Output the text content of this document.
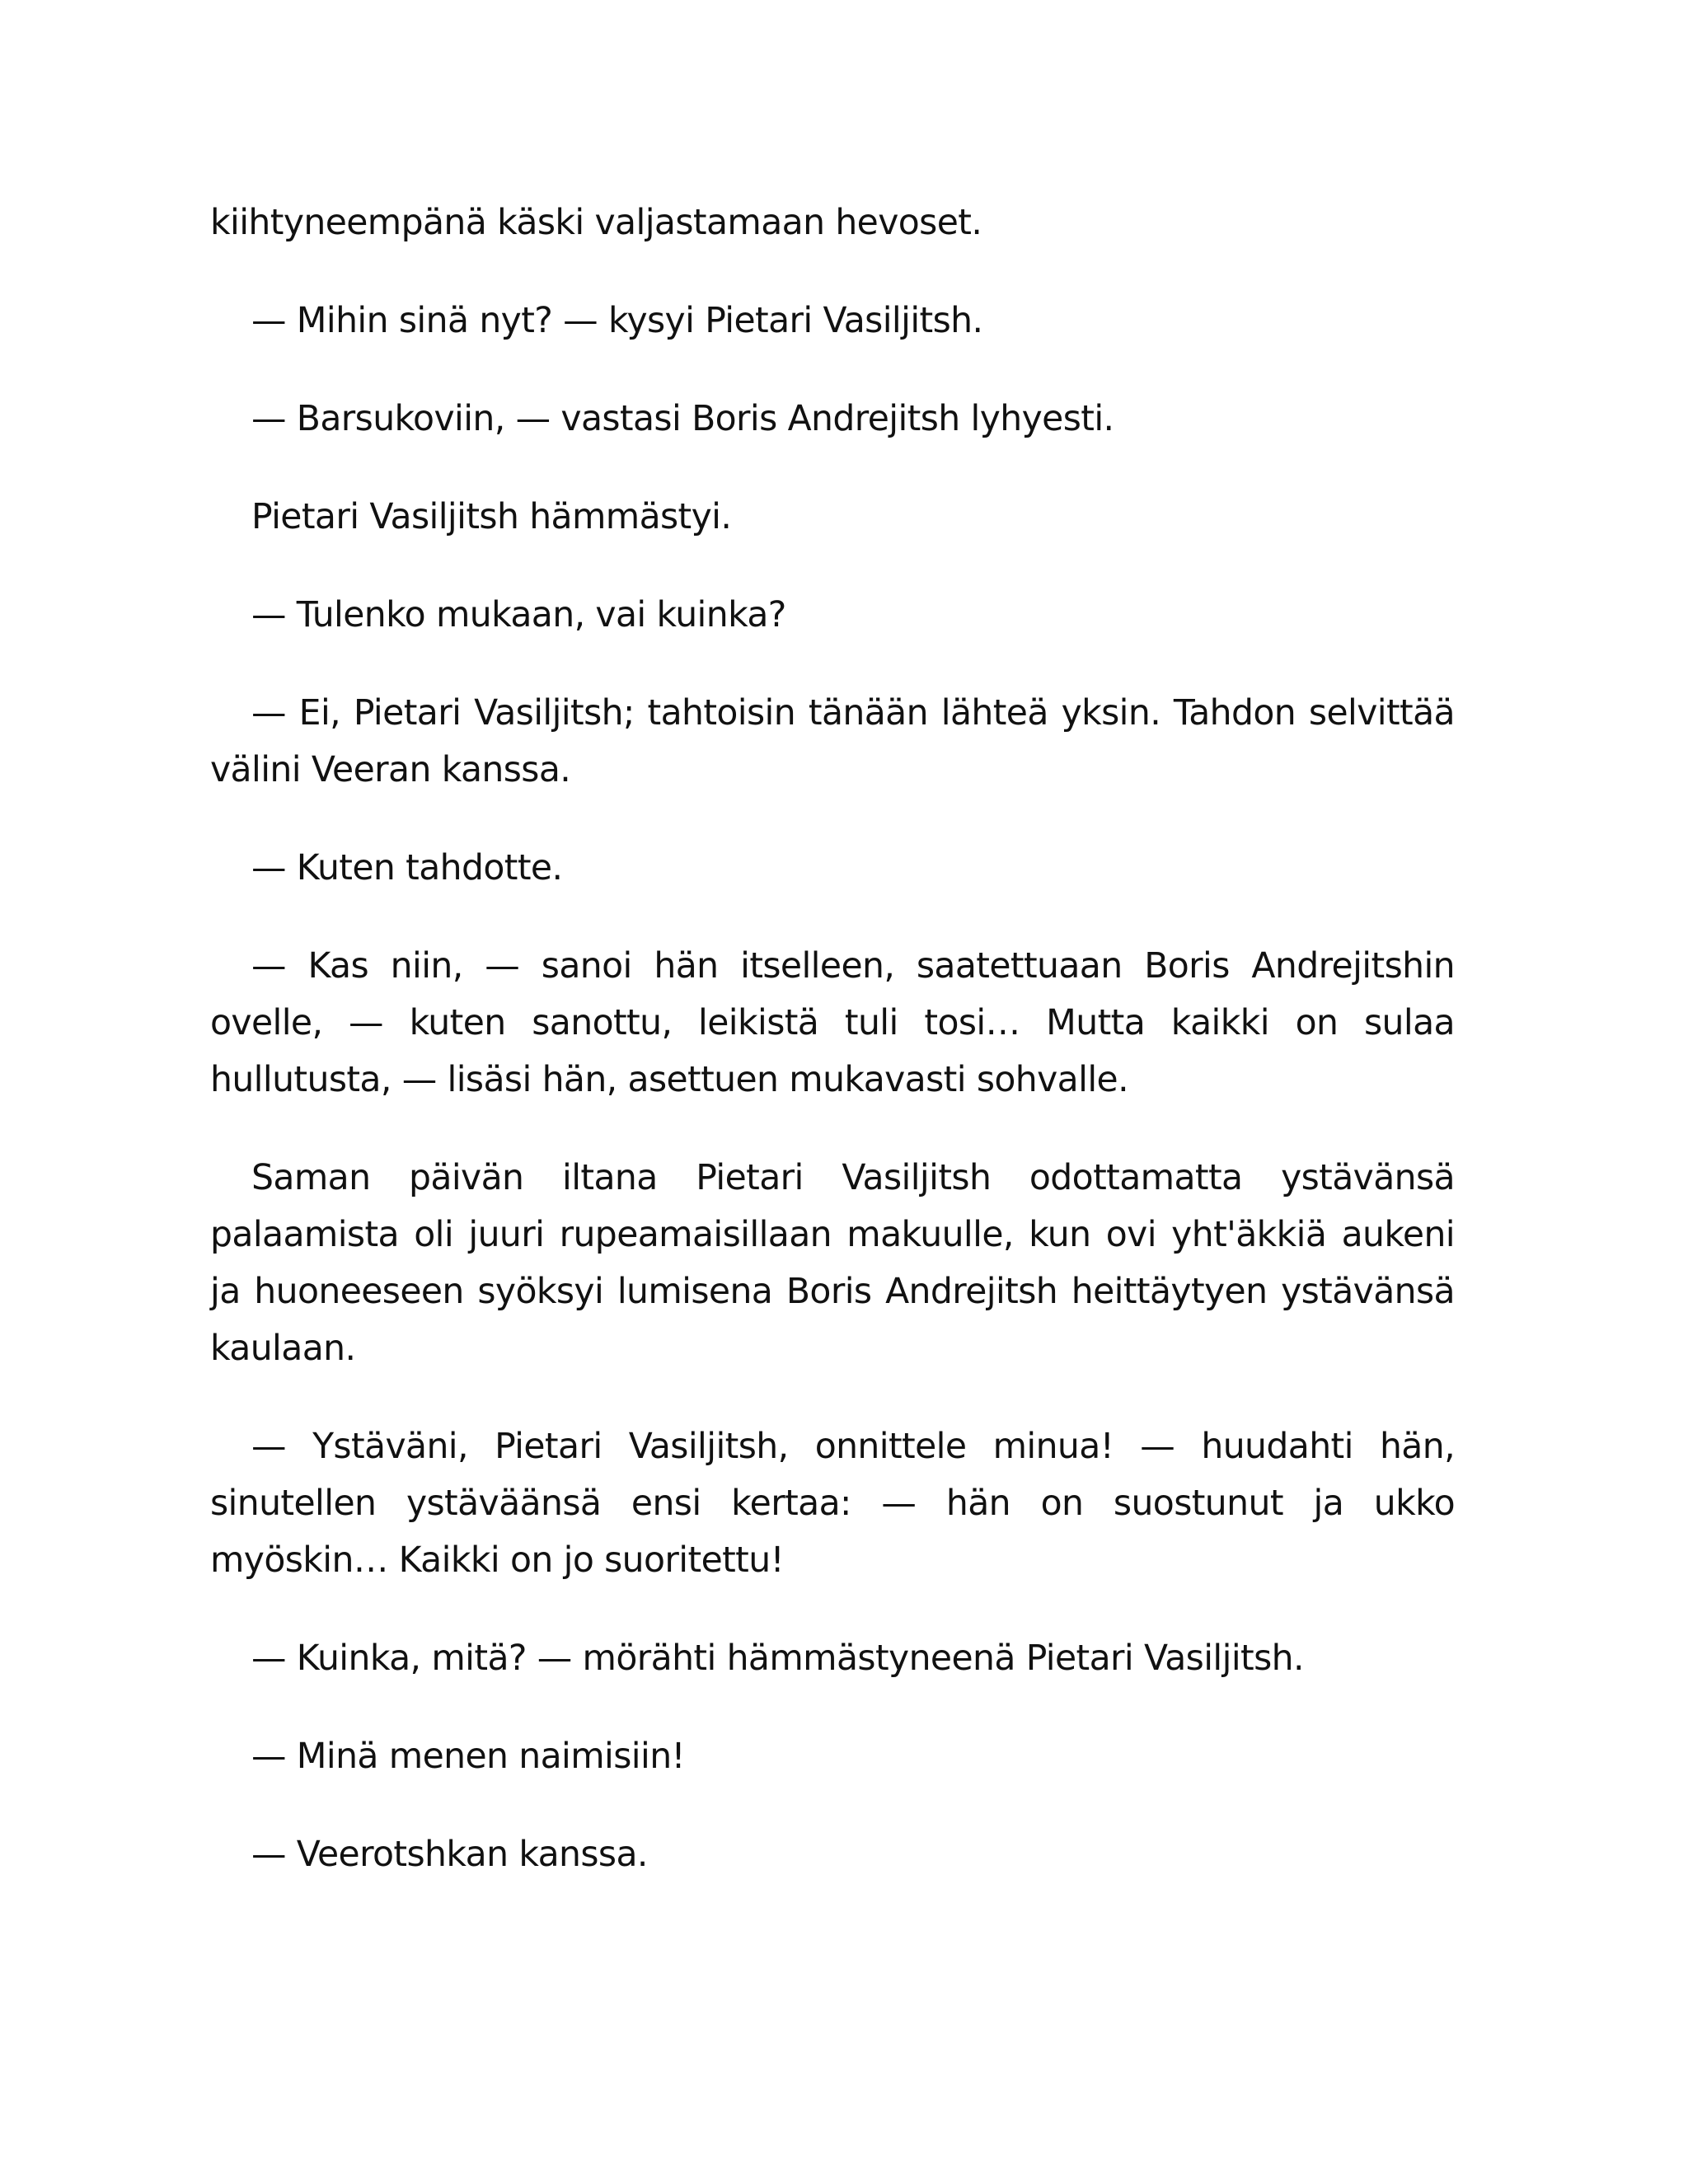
kiihtyneempänä käski valjastamaan hevoset.

— Mihin sinä nyt? — kysyi Pietari Vasiljitsh.

— Barsukoviin, — vastasi Boris Andrejitsh lyhyesti.

Pietari Vasiljitsh hämmästyi.

— Tulenko mukaan, vai kuinka?

— Ei, Pietari Vasiljitsh; tahtoisin tänään lähteä yksin. Tahdon selvittää välini Veeran kanssa.

— Kuten tahdotte.

— Kas niin, — sanoi hän itselleen, saatettuaan Boris Andrejitshin ovelle, — kuten sanottu, leikistä tuli tosi… Mutta kaikki on sulaa hullutusta, — lisäsi hän, asettuen mukavasti sohvalle.

Saman päivän iltana Pietari Vasiljitsh odottamatta ystävänsä palaamista oli juuri rupeamaisillaan makuulle, kun ovi yht'äkkiä aukeni ja huoneeseen syöksyi lumisena Boris Andrejitsh heittäytyen ystävänsä kaulaan.

— Ystäväni, Pietari Vasiljitsh, onnittele minua! — huudahti hän, sinutellen ystäväänsä ensi kertaa: — hän on suostunut ja ukko myöskin… Kaikki on jo suoritettu!

— Kuinka, mitä? — mörähti hämmästyneenä Pietari Vasiljitsh.

— Minä menen naimisiin!

— Veerotshkan kanssa.
